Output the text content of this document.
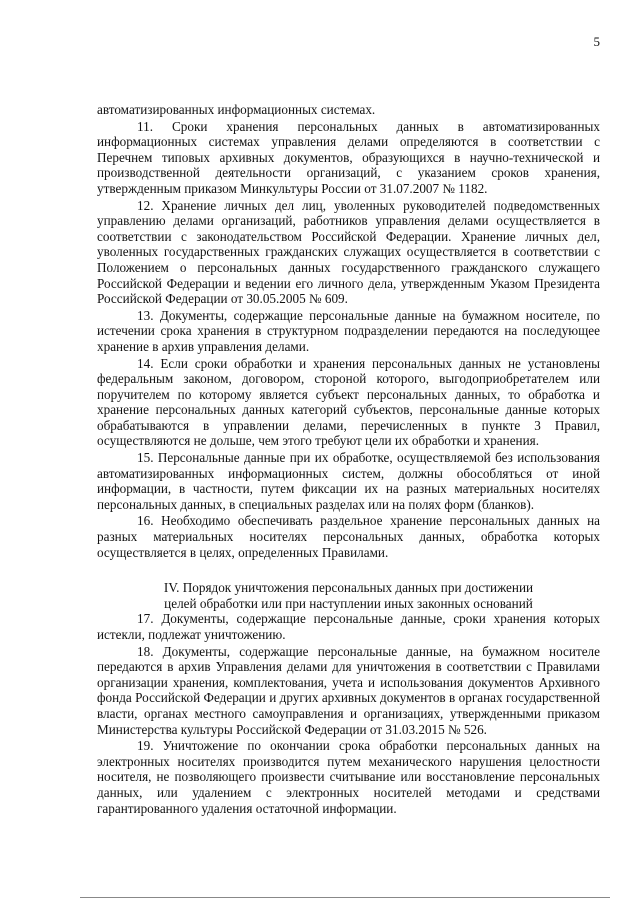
5

автоматизированных информационных системах.

11. Сроки хранения персональных данных в автоматизированных информационных системах управления делами определяются в соответствии с Перечнем типовых архивных документов, образующихся в научно-технической и производственной деятельности организаций, с указанием сроков хранения, утвержденным приказом Минкультуры России от 31.07.2007 № 1182.

12. Хранение личных дел лиц, уволенных руководителей подведомственных управлению делами организаций, работников управления делами осуществляется в соответствии с законодательством Российской Федерации. Хранение личных дел, уволенных государственных гражданских служащих осуществляется в соответствии с Положением о персональных данных государственного гражданского служащего Российской Федерации и ведении его личного дела, утвержденным Указом Президента Российской Федерации от 30.05.2005 № 609.

13. Документы, содержащие персональные данные на бумажном носителе, по истечении срока хранения в структурном подразделении передаются на последующее хранение в архив управления делами.

14. Если сроки обработки и хранения персональных данных не установлены федеральным законом, договором, стороной которого, выгодоприобретателем или поручителем по которому является субъект персональных данных, то обработка и хранение персональных данных категорий субъектов, персональные данные которых обрабатываются в управлении делами, перечисленных в пункте 3 Правил, осуществляются не дольше, чем этого требуют цели их обработки и хранения.

15. Персональные данные при их обработке, осуществляемой без использования автоматизированных информационных систем, должны обособляться от иной информации, в частности, путем фиксации их на разных материальных носителях персональных данных, в специальных разделах или на полях форм (бланков).

16. Необходимо обеспечивать раздельное хранение персональных данных на разных материальных носителях персональных данных, обработка которых осуществляется в целях, определенных Правилами.

IV. Порядок уничтожения персональных данных при достижении
целей обработки или при наступлении иных законных оснований

17. Документы, содержащие персональные данные, сроки хранения которых истекли, подлежат уничтожению.

18. Документы, содержащие персональные данные, на бумажном носителе передаются в архив Управления делами для уничтожения в соответствии с Правилами организации хранения, комплектования, учета и использования документов Архивного фонда Российской Федерации и других архивных документов в органах государственной власти, органах местного самоуправления и организациях, утвержденными приказом Министерства культуры Российской Федерации от 31.03.2015 № 526.

19. Уничтожение по окончании срока обработки персональных данных на электронных носителях производится путем механического нарушения целостности носителя, не позволяющего произвести считывание или восстановление персональных данных, или удалением с электронных носителей методами и средствами гарантированного удаления остаточной информации.
